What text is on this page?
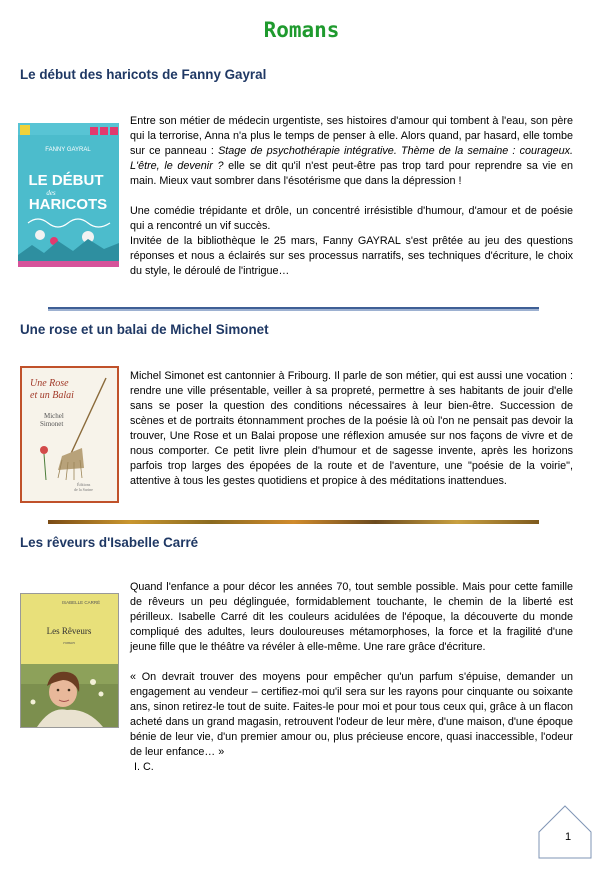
Romans
Le début des haricots de Fanny Gayral
FANNY GAYRAL
LE DÉBUT
des
HARICOTS
Entre son métier de médecin urgentiste, ses histoires d'amour qui tombent à l'eau, son père qui la terrorise, Anna n'a plus le temps de penser à elle. Alors quand, par hasard, elle tombe sur ce panneau : Stage de psychothérapie intégrative. Thème de la semaine : courageux. L'être, le devenir ? elle se dit qu'il n'est peut-être pas trop tard pour reprendre sa vie en main. Mieux vaut sombrer dans l'ésotérisme que dans la dépression !
Une comédie trépidante et drôle, un concentré irrésistible d'humour, d'amour et de poésie qui a rencontré un vif succès.
Invitée de la bibliothèque le 25 mars, Fanny GAYRAL s'est prêtée au jeu des questions réponses et nous a éclairés sur ses processus narratifs, ses techniques d'écriture, le choix du style, le déroulé de l'intrigue…
Une rose et un balai de Michel Simonet
Une Rose
et un Balai
Michel
Simonet
Éditions
de la Sarine
Michel Simonet est cantonnier à Fribourg. Il parle de son métier, qui est aussi une vocation : rendre une ville présentable, veiller à sa propreté, permettre à ses habitants de jouir d'elle sans se poser la question des conditions nécessaires à leur bien-être. Succession de scènes et de portraits étonnamment proches de la poésie là où l'on ne pensait pas devoir la trouver, Une Rose et un Balai propose une réflexion amusée sur nos façons de vivre et de nous comporter. Ce petit livre plein d'humour et de sagesse invente, après les horizons parfois trop larges des épopées de la route et de l'aventure, une "poésie de la voirie", attentive à tous les gestes quotidiens et propice à des méditations inattendues.
Les rêveurs d'Isabelle Carré
ISABELLE CARRÉ
Les Rêveurs
roman
Quand l'enfance a pour décor les années 70, tout semble possible. Mais pour cette famille de rêveurs un peu déglinguée, formidablement touchante, le chemin de la liberté est périlleux. Isabelle Carré dit les couleurs acidulées de l'époque, la découverte du monde compliqué des adultes, leurs douloureuses métamorphoses, la force et la fragilité d'une jeune fille que le théâtre va révéler à elle-même. Une rare grâce d'écriture.
« On devrait trouver des moyens pour empêcher qu'un parfum s'épuise, demander un engagement au vendeur – certifiez-moi qu'il sera sur les rayons pour cinquante ou soixante ans, sinon retirez-le tout de suite. Faites-le pour moi et pour tous ceux qui, grâce à un flacon acheté dans un grand magasin, retrouvent l'odeur de leur mère, d'une maison, d'une époque bénie de leur vie, d'un premier amour ou, plus précieuse encore, quasi inaccessible, l'odeur de leur enfance… »
I. C.
1
